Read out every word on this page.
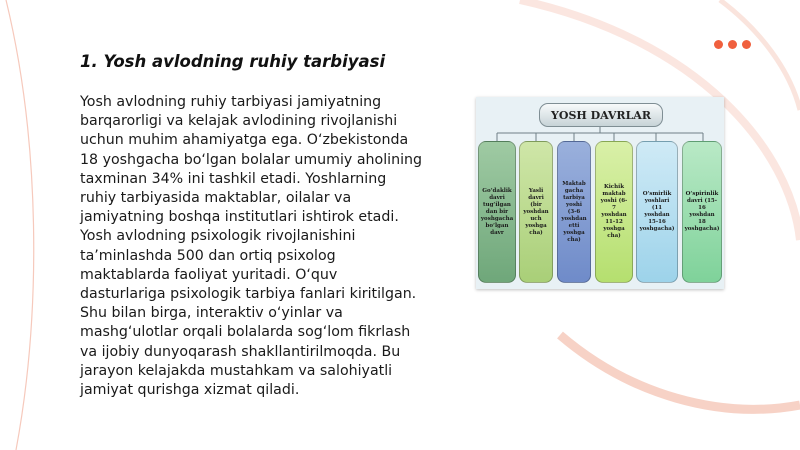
1. Yosh avlodning ruhiy tarbiyasi
Yosh avlodning ruhiy tarbiyasi jamiyatning barqarorligi va kelajak avlodining rivojlanishi uchun muhim ahamiyatga ega. O‘zbekistonda 18 yoshgacha bo‘lgan bolalar umumiy aholining taxminan 34% ini tashkil etadi. Yoshlarning ruhiy tarbiyasida maktablar, oilalar va jamiyatning boshqa institutlari ishtirok etadi. Yosh avlodning psixologik rivojlanishini ta’minlashda 500 dan ortiq psixolog maktablarda faoliyat yuritadi. O‘quv dasturlariga psixologik tarbiya fanlari kiritilgan. Shu bilan birga, interaktiv o‘yinlar va mashg‘ulotlar orqali bolalarda sog‘lom fikrlash va ijobiy dunyoqarash shakllantirilmoqda. Bu jarayon kelajakda mustahkam va salohiyatli jamiyat qurishga xizmat qiladi.
YOSH DAVRLAR
Go‘daklik davri tug‘ilgan dan bir yoshgacha bo‘lgan davr
Yasli davri (bir yoshdan uch yoshga cha)
Maktab gacha tarbiya yoshi (3-6 yoshdan etti yoshga cha)
Kichik maktab yoshi (6-7 yoshdan 11-12 yoshga cha)
O‘smirlik yoshlari (11 yoshdan 15-16 yoshgacha)
O‘spirinlik davri (15-16 yoshdan 18 yoshgacha)
